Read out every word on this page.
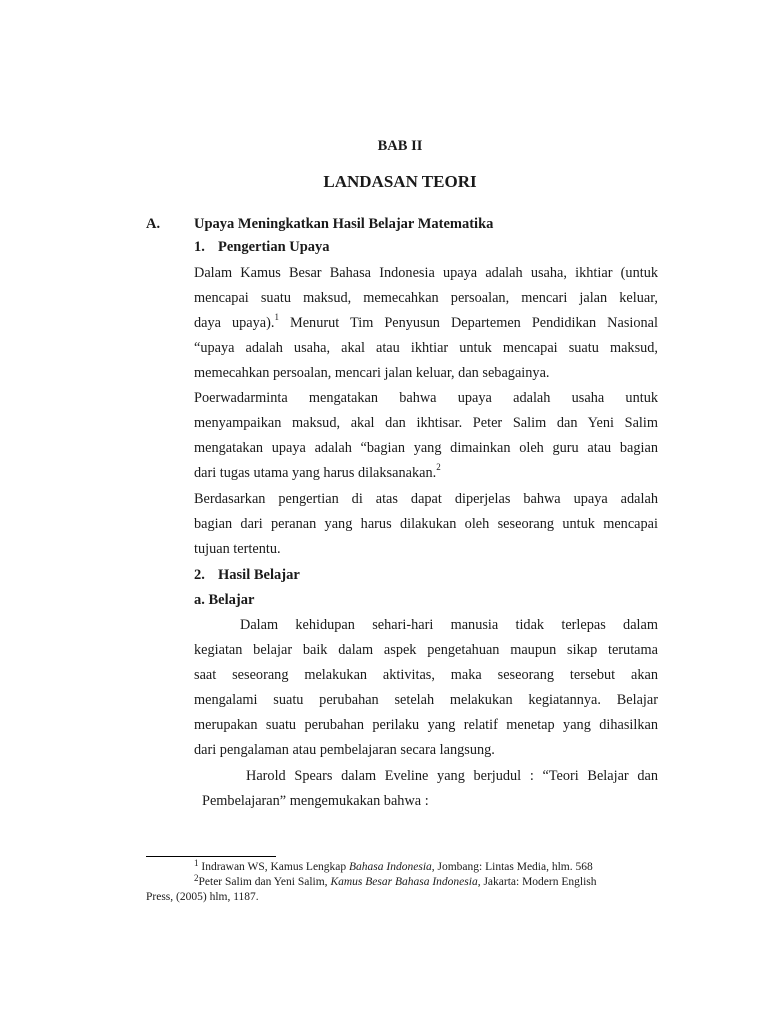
BAB II
LANDASAN TEORI
A. Upaya Meningkatkan Hasil Belajar Matematika
1. Pengertian Upaya
Dalam Kamus Besar Bahasa Indonesia upaya adalah usaha, ikhtiar (untuk
mencapai suatu maksud, memecahkan persoalan, mencari jalan keluar,
daya upaya).$^1$ Menurut Tim Penyusun Departemen Pendidikan Nasional
“upaya adalah usaha, akal atau ikhtiar untuk mencapai suatu maksud,
memecahkan persoalan, mencari jalan keluar, dan sebagainya.
Poerwadarminta mengatakan bahwa upaya adalah usaha untuk
menyampaikan maksud, akal dan ikhtisar. Peter Salim dan Yeni Salim
mengatakan upaya adalah “bagian yang dimainkan oleh guru atau bagian
dari tugas utama yang harus dilaksanakan.$^2$
Berdasarkan pengertian di atas dapat diperjelas bahwa upaya adalah
bagian dari peranan yang harus dilakukan oleh seseorang untuk mencapai
tujuan tertentu.
2. Hasil Belajar
a. Belajar
Dalam kehidupan sehari-hari manusia tidak terlepas dalam
kegiatan belajar baik dalam aspek pengetahuan maupun sikap terutama
saat seseorang melakukan aktivitas, maka seseorang tersebut akan
mengalami suatu perubahan setelah melakukan kegiatannya. Belajar
merupakan suatu perubahan perilaku yang relatif menetap yang dihasilkan
dari pengalaman atau pembelajaran secara langsung.
Harold Spears dalam Eveline yang berjudul : “Teori Belajar dan
Pembelajaran” mengemukakan bahwa :
$^1$ Indrawan WS, Kamus Lengkap Bahasa Indonesia, Jombang: Lintas Media, hlm. 568
$^2$Peter Salim dan Yeni Salim, Kamus Besar Bahasa Indonesia, Jakarta: Modern English
Press, (2005) hlm, 1187.
